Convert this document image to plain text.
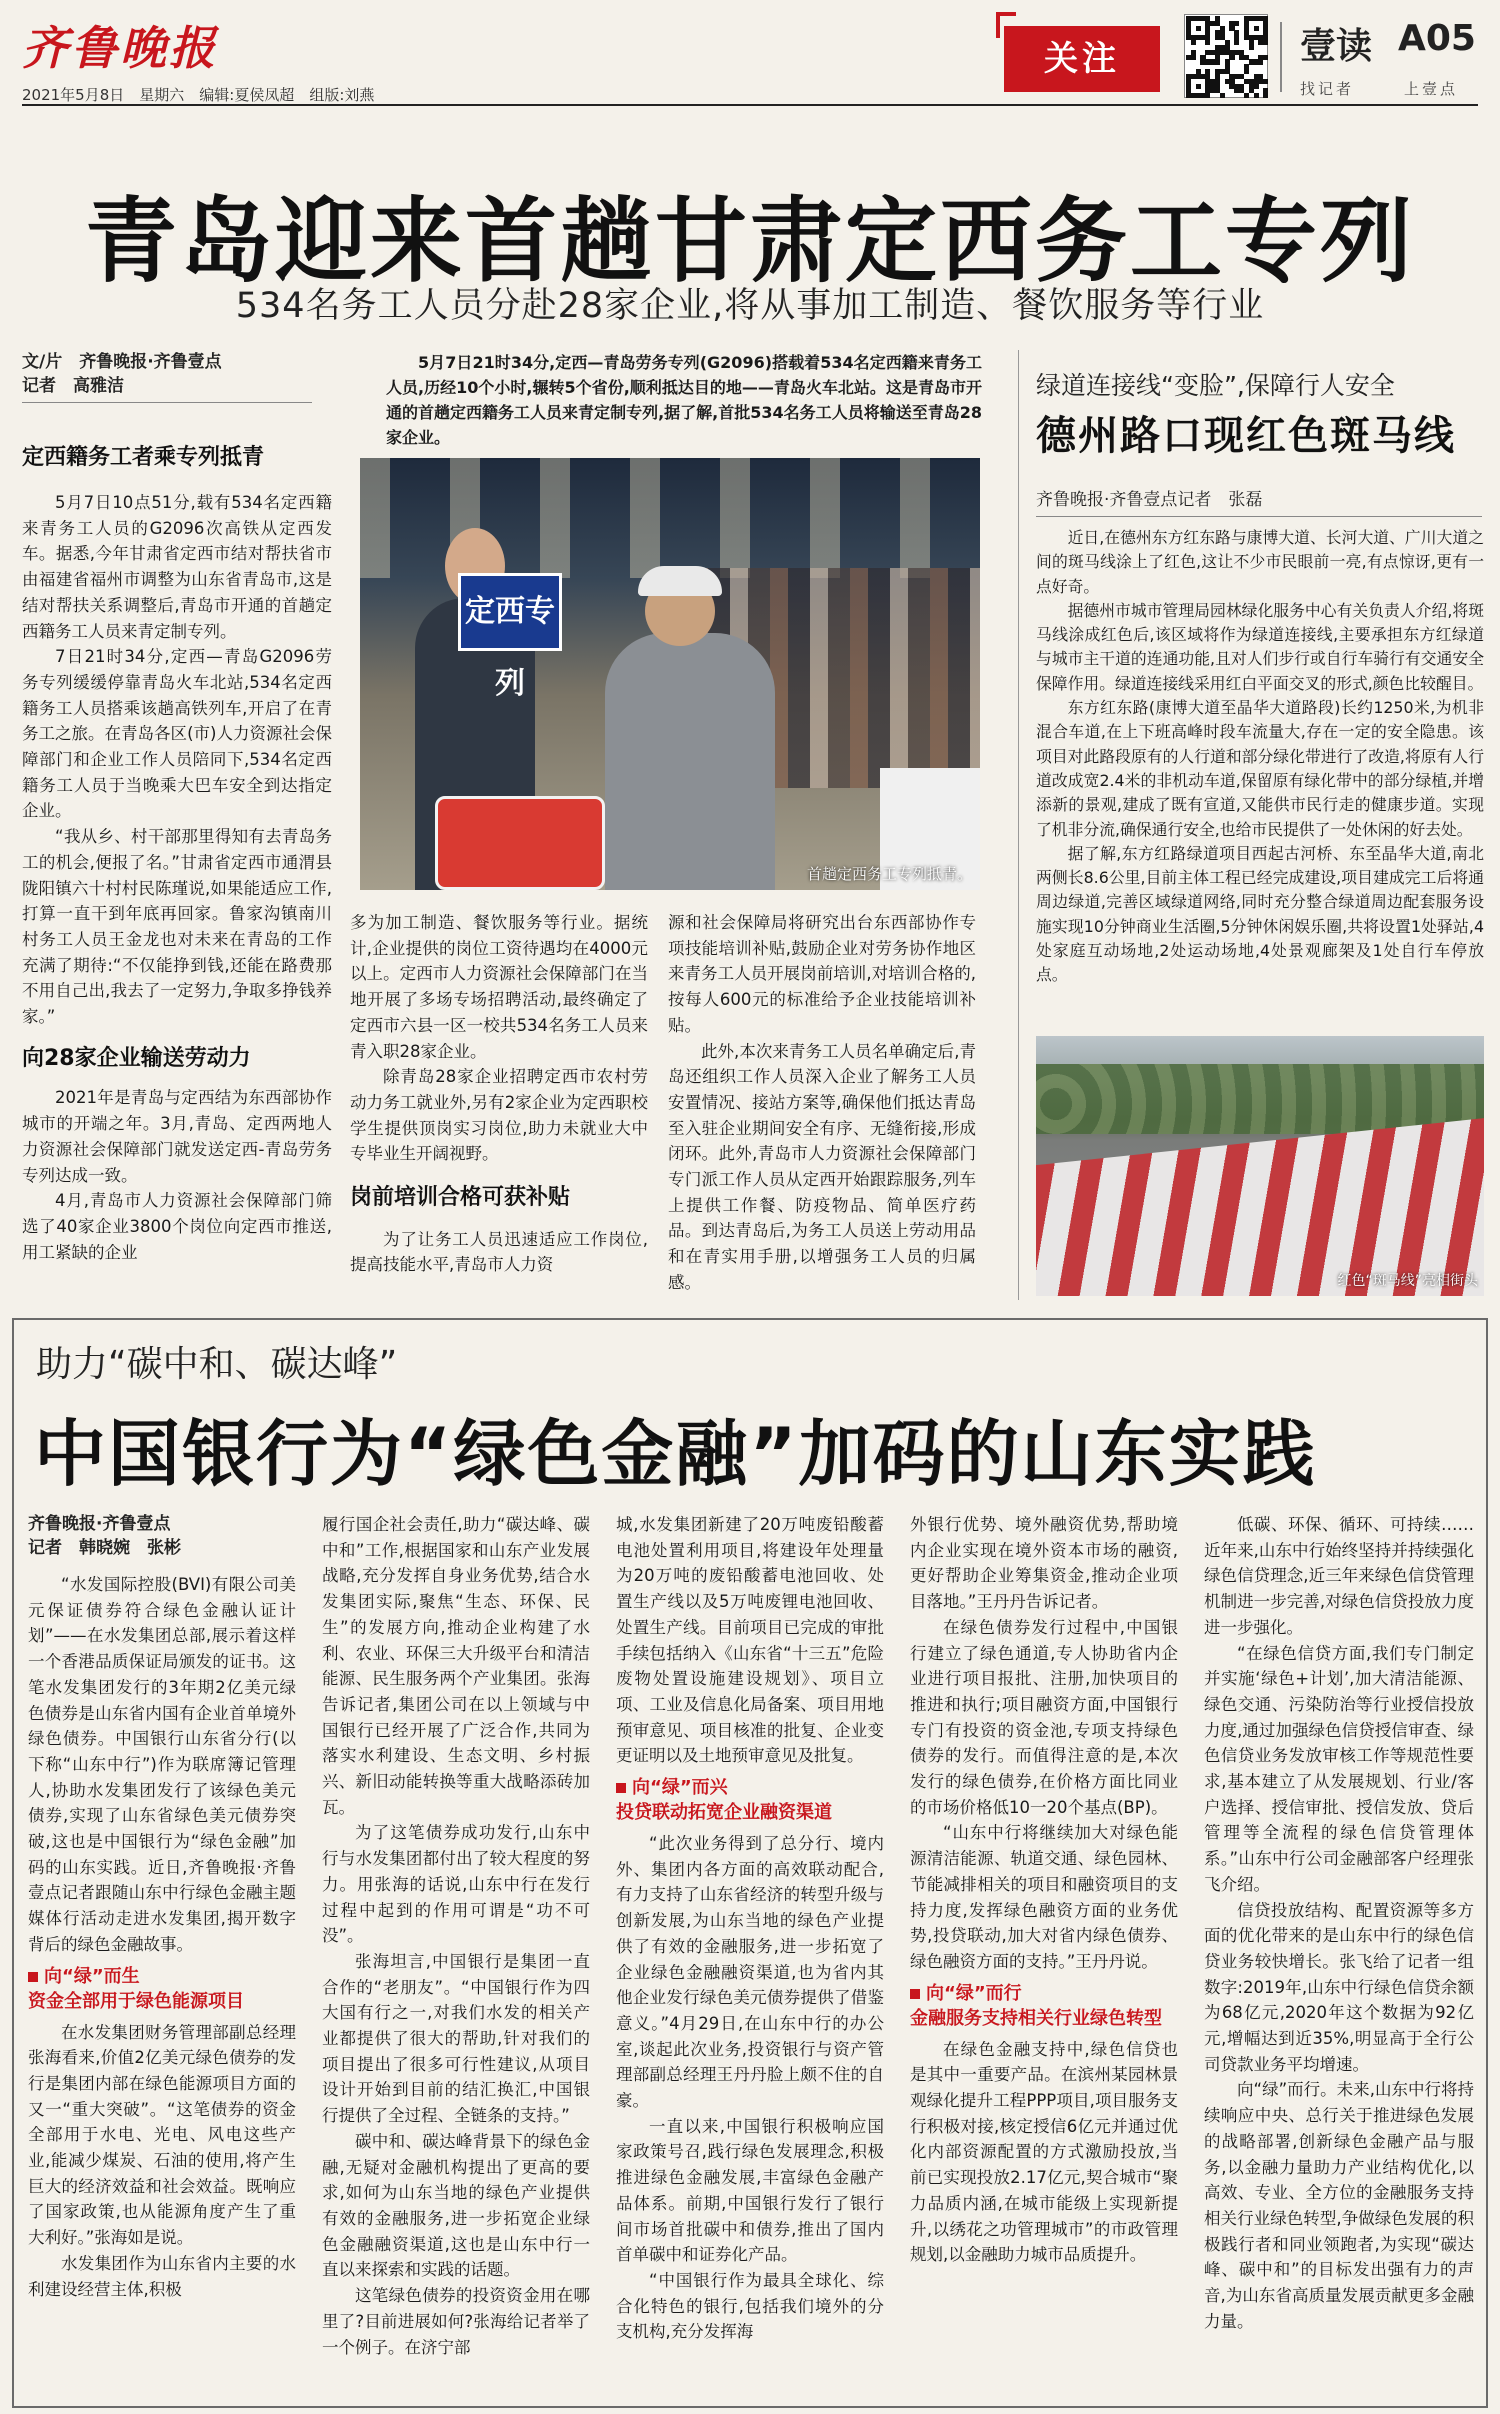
齐鲁晚报
2021年5月8日　星期六　编辑:夏侯凤超　组版:刘燕
关注	壹读 A05
找记者	上壹点
青岛迎来首趟甘肃定西务工专列
534名务工人员分赴28家企业,将从事加工制造、餐饮服务等行业
文/片　齐鲁晚报·齐鲁壹点
记者　高雅洁

5月7日21时34分,定西—青岛劳务专列(G2096)搭载着534名定西籍来青务工人员,历经10个小时,辗转5个省份,顺利抵达目的地——青岛火车北站。这是青岛市开通的首趟定西籍务工人员来青定制专列,据了解,首批534名务工人员将输送至青岛28家企业。

定西籍务工者乘专列抵青

5月7日10点51分,载有534名定西籍来青务工人员的G2096次高铁从定西发车。据悉,今年甘肃省定西市结对帮扶省市由福建省福州市调整为山东省青岛市,这是结对帮扶关系调整后,青岛市开通的首趟定西籍务工人员来青定制专列。

7日21时34分,定西—青岛G2096劳务专列缓缓停靠青岛火车北站,534名定西籍务工人员搭乘该趟高铁列车,开启了在青务工之旅。在青岛各区(市)人力资源社会保障部门和企业工作人员陪同下,534名定西籍务工人员于当晚乘大巴车安全到达指定企业。

“我从乡、村干部那里得知有去青岛务工的机会,便报了名。”甘肃省定西市通渭县陇阳镇六十村村民陈瑾说,如果能适应工作,打算一直干到年底再回家。鲁家沟镇南川村务工人员王金龙也对未来在青岛的工作充满了期待:“不仅能挣到钱,还能在路费那不用自己出,我去了一定努力,争取多挣钱养家。”

向28家企业输送劳动力

2021年是青岛与定西结为东西部协作城市的开端之年。3月,青岛、定西两地人力资源社会保障部门就发送定西-青岛劳务专列达成一致。

4月,青岛市人力资源社会保障部门筛选了40家企业3800个岗位向定西市推送,用工紧缺的企业

定西专列
首趟定西务工专列抵青。

多为加工制造、餐饮服务等行业。据统计,企业提供的岗位工资待遇均在4000元以上。定西市人力资源社会保障部门在当地开展了多场专场招聘活动,最终确定了定西市六县一区一校共534名务工人员来青入职28家企业。

除青岛28家企业招聘定西市农村劳动力务工就业外,另有2家企业为定西职校学生提供顶岗实习岗位,助力未就业大中专毕业生开阔视野。

岗前培训合格可获补贴

为了让务工人员迅速适应工作岗位,提高技能水平,青岛市人力资

源和社会保障局将研究出台东西部协作专项技能培训补贴,鼓励企业对劳务协作地区来青务工人员开展岗前培训,对培训合格的,按每人600元的标准给予企业技能培训补贴。

此外,本次来青务工人员名单确定后,青岛还组织工作人员深入企业了解务工人员安置情况、接站方案等,确保他们抵达青岛至入驻企业期间安全有序、无缝衔接,形成闭环。此外,青岛市人力资源社会保障部门专门派工作人员从定西开始跟踪服务,列车上提供工作餐、防疫物品、简单医疗药品。到达青岛后,为务工人员送上劳动用品和在青实用手册,以增强务工人员的归属感。

绿道连接线“变脸”,保障行人安全
德州路口现红色斑马线
齐鲁晚报·齐鲁壹点记者　张磊

近日,在德州东方红东路与康博大道、长河大道、广川大道之间的斑马线涂上了红色,这让不少市民眼前一亮,有点惊讶,更有一点好奇。

据德州市城市管理局园林绿化服务中心有关负责人介绍,将斑马线涂成红色后,该区域将作为绿道连接线,主要承担东方红绿道与城市主干道的连通功能,且对人们步行或自行车骑行有交通安全保障作用。绿道连接线采用红白平面交叉的形式,颜色比较醒目。

东方红东路(康博大道至晶华大道路段)长约1250米,为机非混合车道,在上下班高峰时段车流量大,存在一定的安全隐患。该项目对此路段原有的人行道和部分绿化带进行了改造,将原有人行道改成宽2.4米的非机动车道,保留原有绿化带中的部分绿植,并增添新的景观,建成了既有宣道,又能供市民行走的健康步道。实现了机非分流,确保通行安全,也给市民提供了一处休闲的好去处。

据了解,东方红路绿道项目西起古河桥、东至晶华大道,南北两侧长8.6公里,目前主体工程已经完成建设,项目建成完工后将通周边绿道,完善区域绿道网络,同时充分整合绿道周边配套服务设施实现10分钟商业生活圈,5分钟休闲娱乐圈,共将设置1处驿站,4处家庭互动场地,2处运动场地,4处景观廊架及1处自行车停放点。

红色“斑马线”亮相街头
助力“碳中和、碳达峰”
中国银行为“绿色金融”加码的山东实践
齐鲁晚报·齐鲁壹点
记者　韩晓婉　张彬

“水发国际控股(BVI)有限公司美元保证债券符合绿色金融认证计划”——在水发集团总部,展示着这样一个香港品质保证局颁发的证书。这笔水发集团发行的3年期2亿美元绿色债券是山东省内国有企业首单境外绿色债券。中国银行山东省分行(以下称“山东中行”)作为联席簿记管理人,协助水发集团发行了该绿色美元债券,实现了山东省绿色美元债券突破,这也是中国银行为“绿色金融”加码的山东实践。近日,齐鲁晚报·齐鲁壹点记者跟随山东中行绿色金融主题媒体行活动走进水发集团,揭开数字背后的绿色金融故事。

向“绿”而生
资金全部用于绿色能源项目

在水发集团财务管理部副总经理张海看来,价值2亿美元绿色债券的发行是集团内部在绿色能源项目方面的又一“重大突破”。“这笔债券的资金全部用于水电、光电、风电这些产业,能减少煤炭、石油的使用,将产生巨大的经济效益和社会效益。既响应了国家政策,也从能源角度产生了重大利好。”张海如是说。

水发集团作为山东省内主要的水利建设经营主体,积极

履行国企社会责任,助力“碳达峰、碳中和”工作,根据国家和山东产业发展战略,充分发挥自身业务优势,结合水发集团实际,聚焦“生态、环保、民生”的发展方向,推动企业构建了水利、农业、环保三大升级平台和清洁能源、民生服务两个产业集团。张海告诉记者,集团公司在以上领域与中国银行已经开展了广泛合作,共同为落实水利建设、生态文明、乡村振兴、新旧动能转换等重大战略添砖加瓦。

为了这笔债券成功发行,山东中行与水发集团都付出了较大程度的努力。用张海的话说,山东中行在发行过程中起到的作用可谓是“功不可没”。

张海坦言,中国银行是集团一直合作的“老朋友”。“中国银行作为四大国有行之一,对我们水发的相关产业都提供了很大的帮助,针对我们的项目提出了很多可行性建议,从项目设计开始到目前的结汇换汇,中国银行提供了全过程、全链条的支持。”

碳中和、碳达峰背景下的绿色金融,无疑对金融机构提出了更高的要求,如何为山东当地的绿色产业提供有效的金融服务,进一步拓宽企业绿色金融融资渠道,这也是山东中行一直以来探索和实践的话题。

这笔绿色债券的投资资金用在哪里了?目前进展如何?张海给记者举了一个例子。在济宁部

城,水发集团新建了20万吨废铅酸蓄电池处置利用项目,将建设年处理量为20万吨的废铅酸蓄电池回收、处置生产线以及5万吨废锂电池回收、处置生产线。目前项目已完成的审批手续包括纳入《山东省“十三五”危险废物处置设施建设规划》、项目立项、工业及信息化局备案、项目用地预审意见、项目核准的批复、企业变更证明以及土地预审意见及批复。

向“绿”而兴
投贷联动拓宽企业融资渠道

“此次业务得到了总分行、境内外、集团内各方面的高效联动配合,有力支持了山东省经济的转型升级与创新发展,为山东当地的绿色产业提供了有效的金融服务,进一步拓宽了企业绿色金融融资渠道,也为省内其他企业发行绿色美元债券提供了借鉴意义。”4月29日,在山东中行的办公室,谈起此次业务,投资银行与资产管理部副总经理王丹丹脸上颇不住的自豪。

一直以来,中国银行积极响应国家政策号召,践行绿色发展理念,积极推进绿色金融发展,丰富绿色金融产品体系。前期,中国银行发行了银行间市场首批碳中和债券,推出了国内首单碳中和证券化产品。

“中国银行作为最具全球化、综合化特色的银行,包括我们境外的分支机构,充分发挥海

外银行优势、境外融资优势,帮助境内企业实现在境外资本市场的融资,更好帮助企业筹集资金,推动企业项目落地。”王丹丹告诉记者。

在绿色债券发行过程中,中国银行建立了绿色通道,专人协助省内企业进行项目报批、注册,加快项目的推进和执行;项目融资方面,中国银行专门有投资的资金池,专项支持绿色债券的发行。而值得注意的是,本次发行的绿色债券,在价格方面比同业的市场价格低10一20个基点(BP)。

“山东中行将继续加大对绿色能源清洁能源、轨道交通、绿色园林、节能减排相关的项目和融资项目的支持力度,发挥绿色融资方面的业务优势,投贷联动,加大对省内绿色债券、绿色融资方面的支持。”王丹丹说。

向“绿”而行
金融服务支持相关行业绿色转型

在绿色金融支持中,绿色信贷也是其中一重要产品。在滨州某园林景观绿化提升工程PPP项目,项目服务支行积极对接,核定授信6亿元并通过优化内部资源配置的方式激励投放,当前已实现投放2.17亿元,契合城市“聚力品质内涵,在城市能级上实现新提升,以绣花之功管理城市”的市政管理规划,以金融助力城市品质提升。

低碳、环保、循环、可持续……近年来,山东中行始终坚持并持续强化绿色信贷理念,近三年来绿色信贷管理机制进一步完善,对绿色信贷投放力度进一步强化。

“在绿色信贷方面,我们专门制定并实施‘绿色+计划’,加大清洁能源、绿色交通、污染防治等行业授信投放力度,通过加强绿色信贷授信审查、绿色信贷业务发放审核工作等规范性要求,基本建立了从发展规划、行业/客户选择、授信审批、授信发放、贷后管理等全流程的绿色信贷管理体系。”山东中行公司金融部客户经理张飞介绍。

信贷投放结构、配置资源等多方面的优化带来的是山东中行的绿色信贷业务较快增长。张飞给了记者一组数字:2019年,山东中行绿色信贷余额为68亿元,2020年这个数据为92亿元,增幅达到近35%,明显高于全行公司贷款业务平均增速。

向“绿”而行。未来,山东中行将持续响应中央、总行关于推进绿色发展的战略部署,创新绿色金融产品与服务,以金融力量助力产业结构优化,以高效、专业、全方位的金融服务支持相关行业绿色转型,争做绿色发展的积极践行者和同业领跑者,为实现“碳达峰、碳中和”的目标发出强有力的声音,为山东省高质量发展贡献更多金融力量。
